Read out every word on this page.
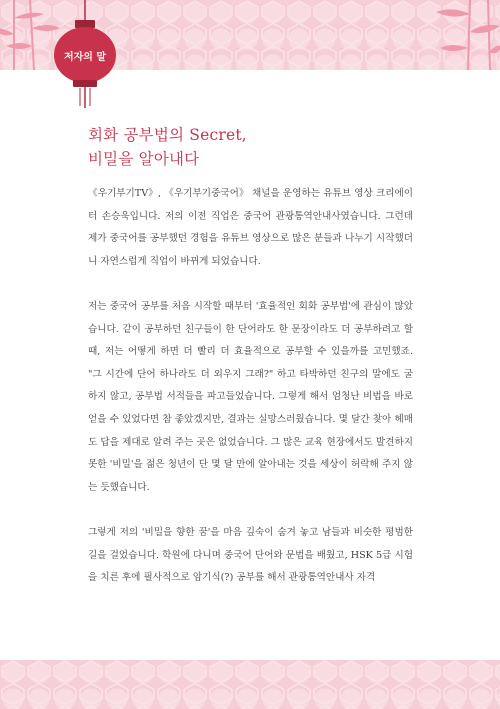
저자의 말
회화 공부법의 Secret,
비밀을 알아내다

《우기부기TV》, 《우기부기중국어》 채널을 운영하는 유튜브 영상 크리에이터 손승욱입니다. 저의 이전 직업은 중국어 관광통역안내사였습니다. 그런데 제가 중국어를 공부했던 경험을 유튜브 영상으로 많은 분들과 나누기 시작했더니 자연스럽게 직업이 바뀌게 되었습니다.

저는 중국어 공부를 처음 시작할 때부터 '효율적인 회화 공부법'에 관심이 많았습니다. 같이 공부하던 친구들이 한 단어라도 한 문장이라도 더 공부하려고 할 때, 저는 어떻게 하면 더 빨리 더 효율적으로 공부할 수 있을까를 고민했죠. "그 시간에 단어 하나라도 더 외우지 그래?" 하고 타박하던 친구의 말에도 굴하지 않고, 공부법 서적들을 파고들었습니다. 그렇게 해서 엄청난 비법을 바로 얻을 수 있었다면 참 좋았겠지만, 결과는 실망스러웠습니다. 몇 달간 찾아 헤매도 답을 제대로 알려 주는 곳은 없었습니다. 그 많은 교육 현장에서도 발견하지 못한 '비밀'을 젊은 청년이 단 몇 달 만에 알아내는 것을 세상이 허락해 주지 않는 듯했습니다.

그렇게 저의 '비밀을 향한 꿈'을 마음 깊숙이 숨겨 놓고 남들과 비슷한 평범한 길을 걸었습니다. 학원에 다니며 중국어 단어와 문법을 배웠고, HSK 5급 시험을 치른 후에 필사적으로 암기식(?) 공부를 해서 관광통역안내사 자격
